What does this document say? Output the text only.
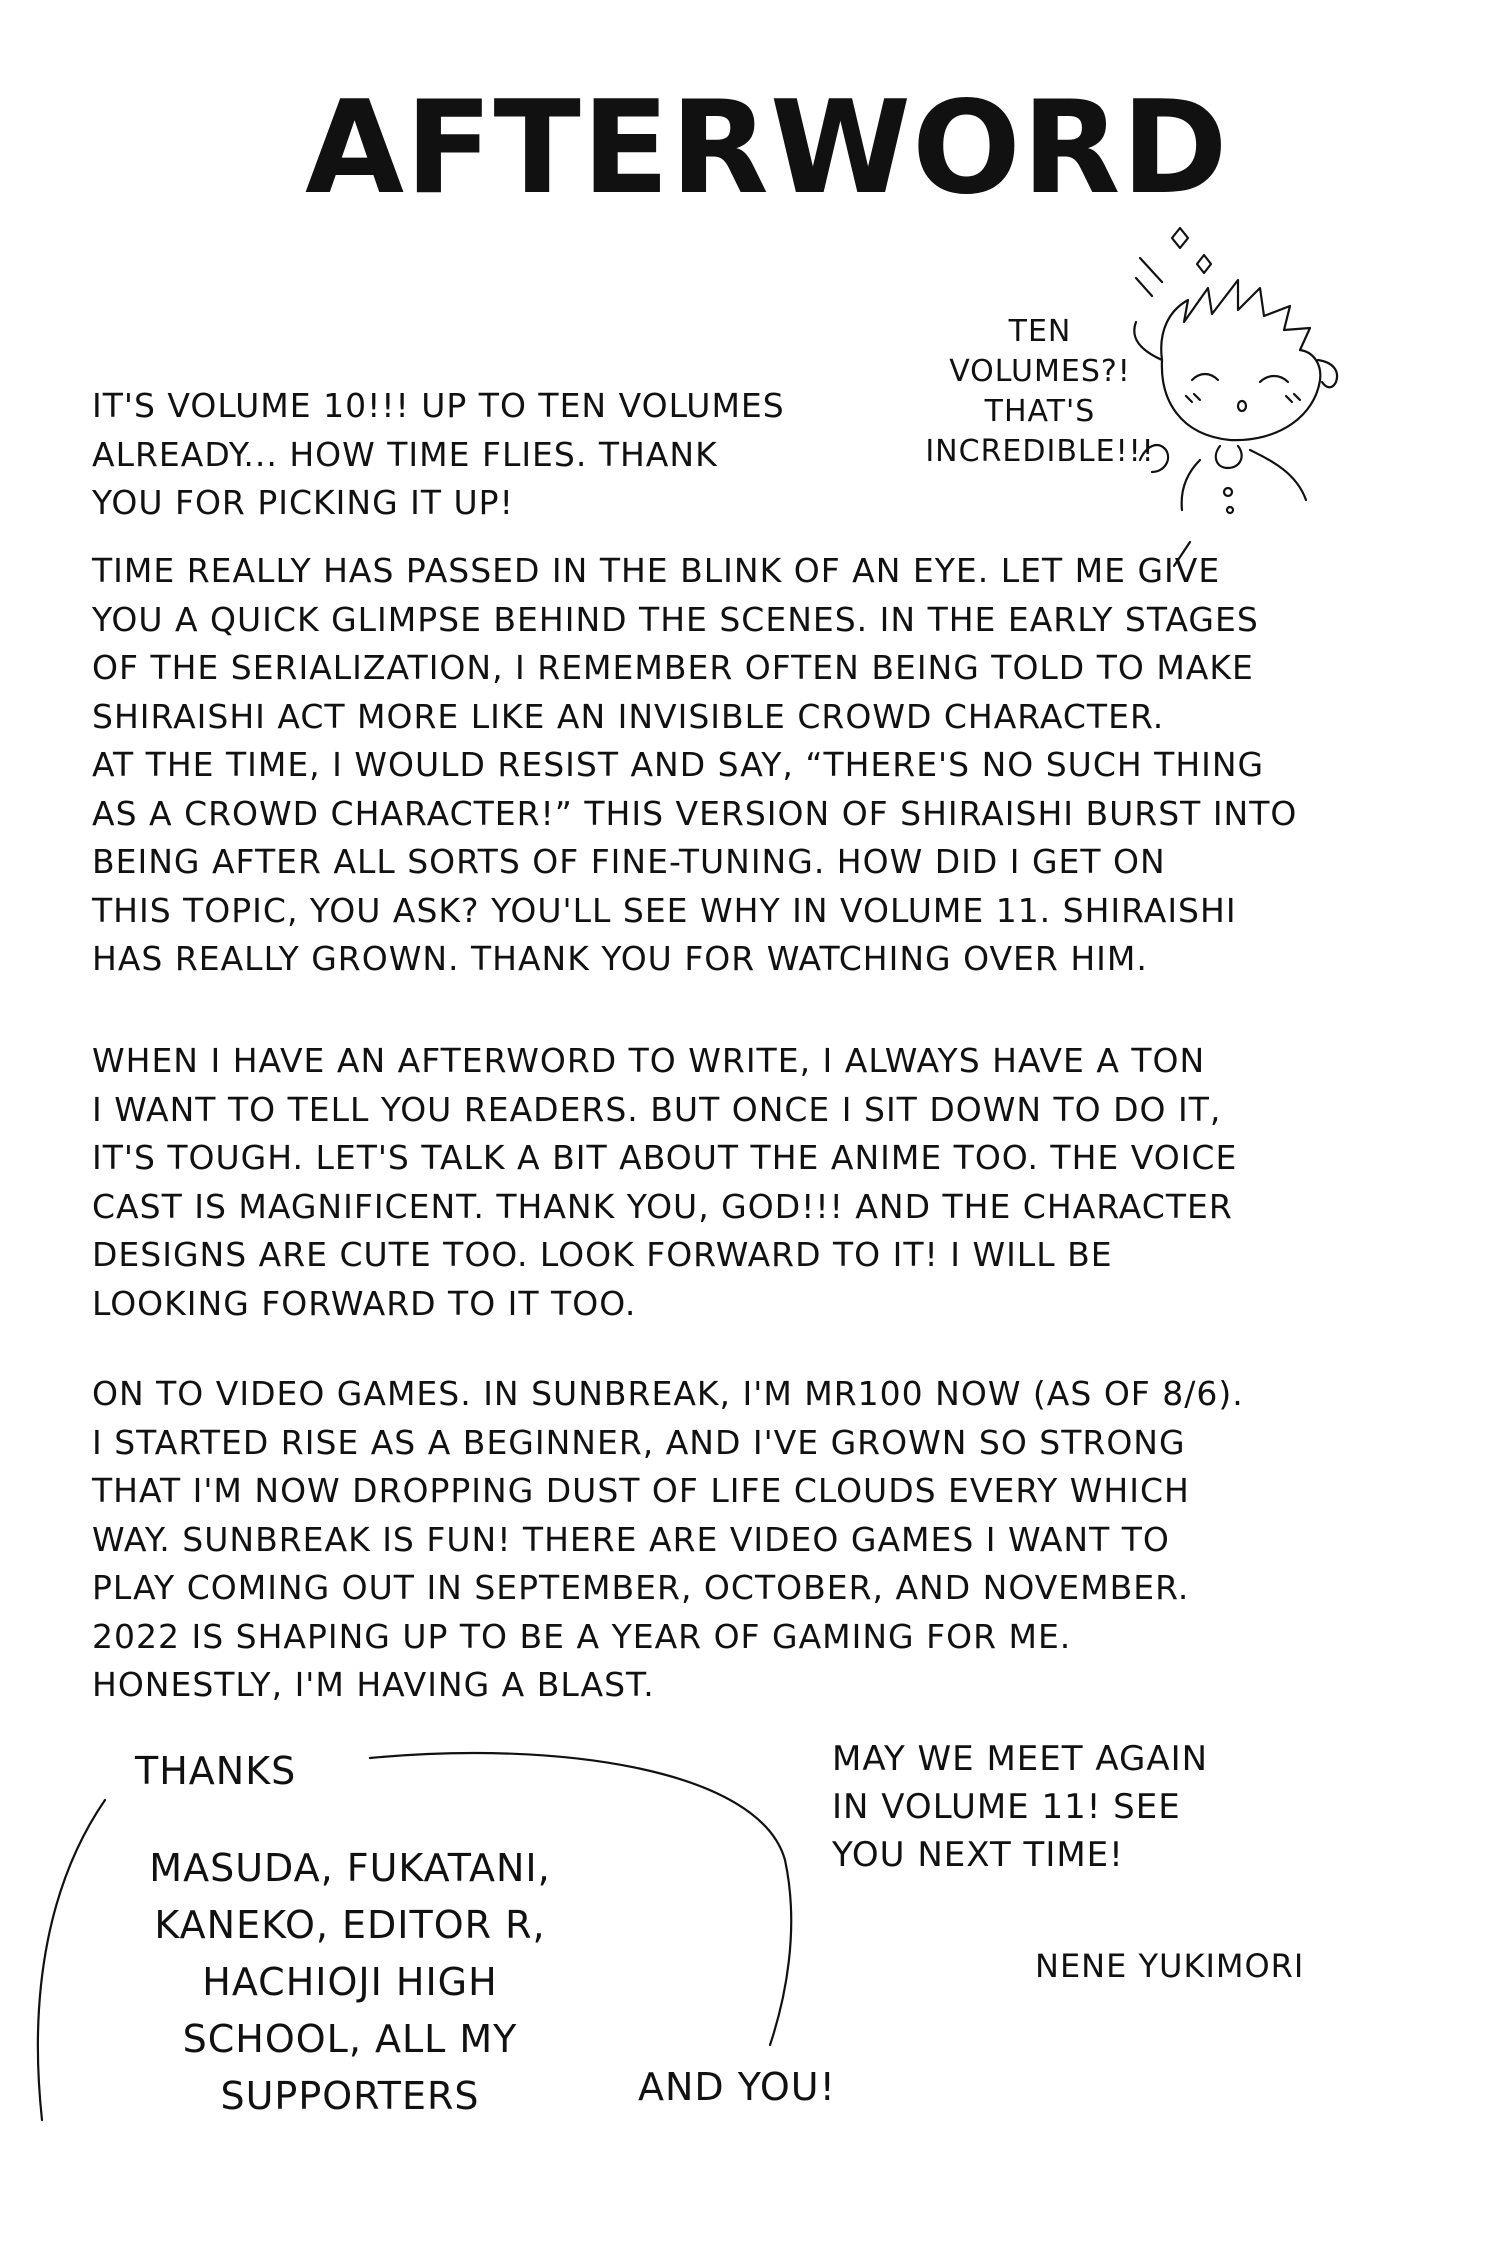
AFTERWORD
TEN
VOLUMES?!
THAT'S
INCREDIBLE!!!
IT'S VOLUME 10!!! UP TO TEN VOLUMES
ALREADY... HOW TIME FLIES. THANK
YOU FOR PICKING IT UP!
TIME REALLY HAS PASSED IN THE BLINK OF AN EYE. LET ME GIVE
YOU A QUICK GLIMPSE BEHIND THE SCENES. IN THE EARLY STAGES
OF THE SERIALIZATION, I REMEMBER OFTEN BEING TOLD TO MAKE
SHIRAISHI ACT MORE LIKE AN INVISIBLE CROWD CHARACTER.
AT THE TIME, I WOULD RESIST AND SAY, “THERE'S NO SUCH THING
AS A CROWD CHARACTER!” THIS VERSION OF SHIRAISHI BURST INTO
BEING AFTER ALL SORTS OF FINE-TUNING. HOW DID I GET ON
THIS TOPIC, YOU ASK? YOU'LL SEE WHY IN VOLUME 11. SHIRAISHI
HAS REALLY GROWN. THANK YOU FOR WATCHING OVER HIM.
WHEN I HAVE AN AFTERWORD TO WRITE, I ALWAYS HAVE A TON
I WANT TO TELL YOU READERS. BUT ONCE I SIT DOWN TO DO IT,
IT'S TOUGH. LET'S TALK A BIT ABOUT THE ANIME TOO. THE VOICE
CAST IS MAGNIFICENT. THANK YOU, GOD!!! AND THE CHARACTER
DESIGNS ARE CUTE TOO. LOOK FORWARD TO IT! I WILL BE
LOOKING FORWARD TO IT TOO.
ON TO VIDEO GAMES. IN SUNBREAK, I'M MR100 NOW (AS OF 8/6).
I STARTED RISE AS A BEGINNER, AND I'VE GROWN SO STRONG
THAT I'M NOW DROPPING DUST OF LIFE CLOUDS EVERY WHICH
WAY. SUNBREAK IS FUN! THERE ARE VIDEO GAMES I WANT TO
PLAY COMING OUT IN SEPTEMBER, OCTOBER, AND NOVEMBER.
2022 IS SHAPING UP TO BE A YEAR OF GAMING FOR ME.
HONESTLY, I'M HAVING A BLAST.
THANKS
MASUDA, FUKATANI,
KANEKO, EDITOR R,
HACHIOJI HIGH
SCHOOL, ALL MY
SUPPORTERS	AND YOU!
MAY WE MEET AGAIN
IN VOLUME 11! SEE
YOU NEXT TIME!
NENE YUKIMORI
